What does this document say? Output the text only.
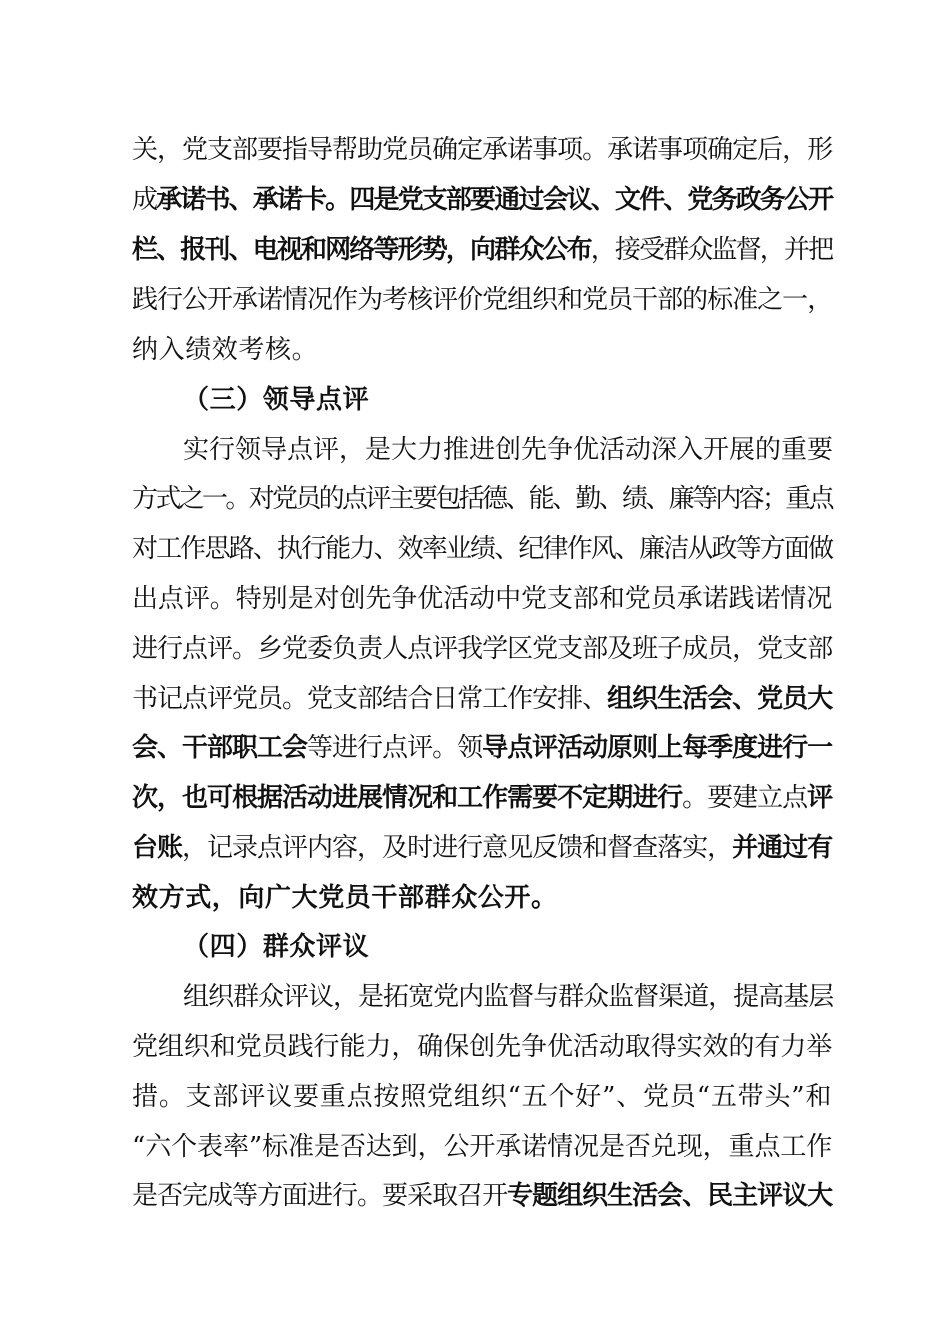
关，党支部要指导帮助党员确定承诺事项。承诺事项确定后，形
成承诺书、承诺卡。四是党支部要通过会议、文件、党务政务公开
栏、报刊、电视和网络等形势，向群众公布，接受群众监督，并把
践行公开承诺情况作为考核评价党组织和党员干部的标准之一，
纳入绩效考核。
（三）领导点评
实行领导点评，是大力推进创先争优活动深入开展的重要
方式之一。对党员的点评主要包括德、能、勤、绩、廉等内容；重点
对工作思路、执行能力、效率业绩、纪律作风、廉洁从政等方面做
出点评。特别是对创先争优活动中党支部和党员承诺践诺情况
进行点评。乡党委负责人点评我学区党支部及班子成员，党支部
书记点评党员。党支部结合日常工作安排、组织生活会、党员大
会、干部职工会等进行点评。领导点评活动原则上每季度进行一
次，也可根据活动进展情况和工作需要不定期进行。要建立点评
台账，记录点评内容，及时进行意见反馈和督查落实，并通过有
效方式，向广大党员干部群众公开。
（四）群众评议
组织群众评议，是拓宽党内监督与群众监督渠道，提高基层
党组织和党员践行能力，确保创先争优活动取得实效的有力举
措。支部评议要重点按照党组织“五个好”、党员“五带头”和
“六个表率”标准是否达到，公开承诺情况是否兑现，重点工作
是否完成等方面进行。要采取召开专题组织生活会、民主评议大
